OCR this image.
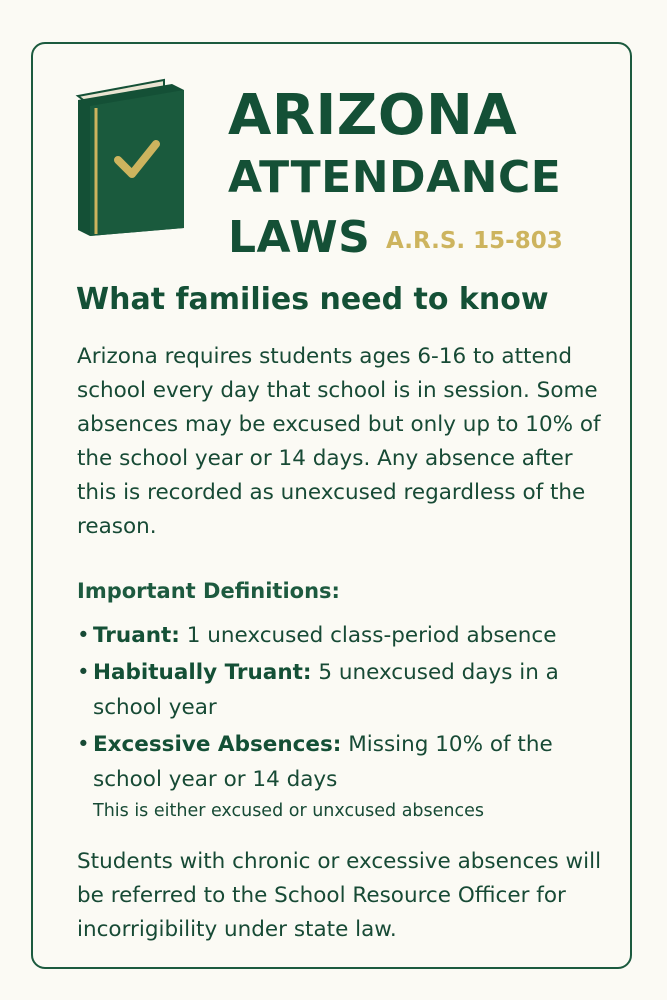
ARIZONA
ATTENDANCE
LAWS A.R.S. 15-803
What families need to know
Arizona requires students ages 6-16 to attend school every day that school is in session. Some absences may be excused but only up to 10% of the school year or 14 days. Any absence after this is recorded as unexcused regardless of the reason.
Important Definitions:
• Truant: 1 unexcused class-period absence
• Habitually Truant: 5 unexcused days in a school year
• Excessive Absences: Missing 10% of the school year or 14 days
This is either excused or unxcused absences
Students with chronic or excessive absences will be referred to the School Resource Officer for incorrigibility under state law.
